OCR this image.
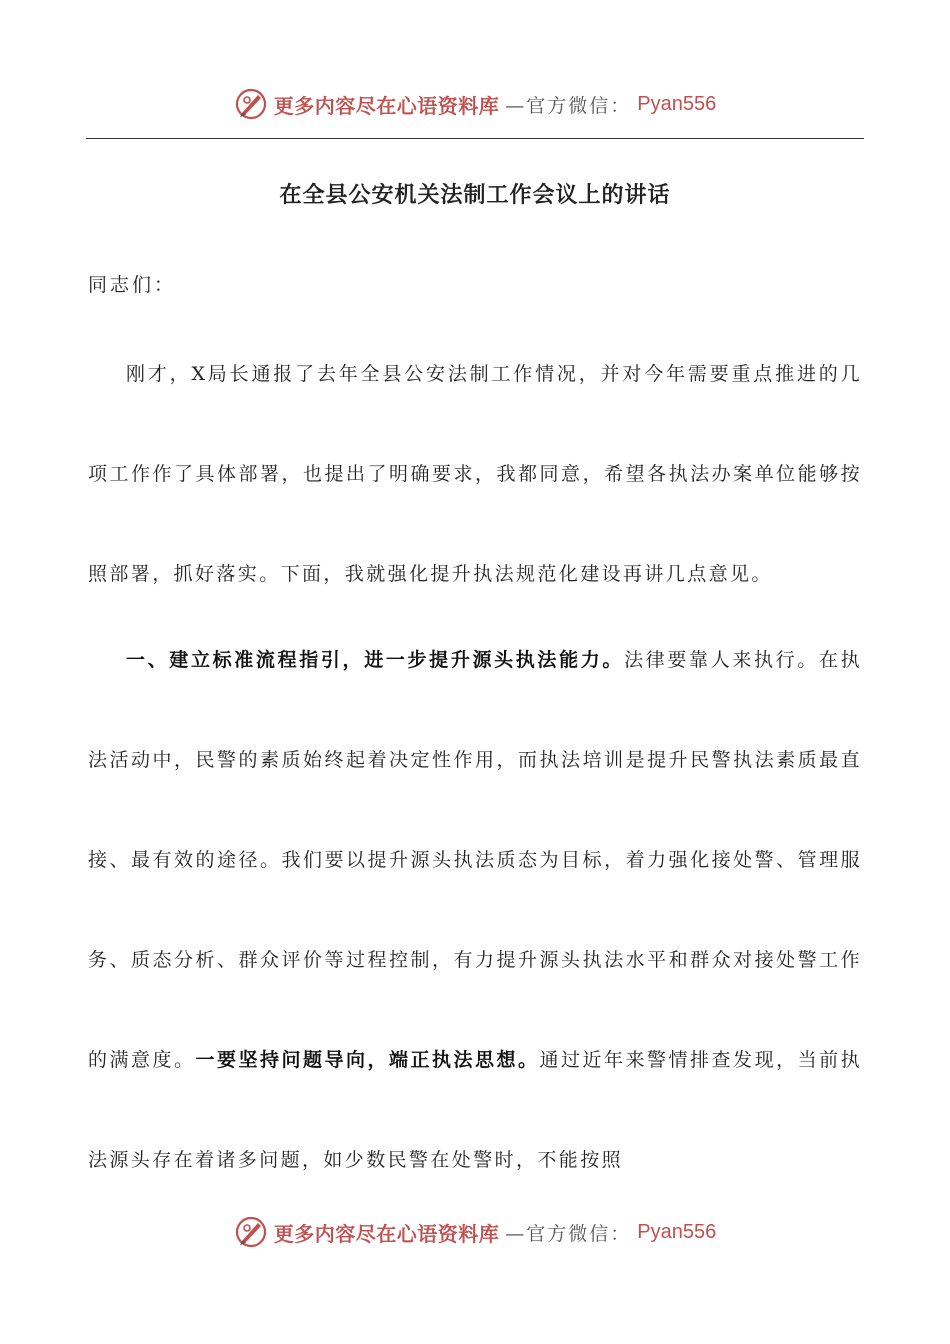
更多内容尽在心语资料库 —官方微信： Pyan556
在全县公安机关法制工作会议上的讲话

同志们：

刚才，X局长通报了去年全县公安法制工作情况，并对今年需要重点推进的几项工作作了具体部署，也提出了明确要求，我都同意，希望各执法办案单位能够按照部署，抓好落实。下面，我就强化提升执法规范化建设再讲几点意见。

一、建立标准流程指引，进一步提升源头执法能力。法律要靠人来执行。在执法活动中，民警的素质始终起着决定性作用，而执法培训是提升民警执法素质最直接、最有效的途径。我们要以提升源头执法质态为目标，着力强化接处警、管理服务、质态分析、群众评价等过程控制，有力提升源头执法水平和群众对接处警工作的满意度。一要坚持问题导向，端正执法思想。通过近年来警情排查发现，当前执法源头存在着诸多问题，如少数民警在处警时，不能按照

更多内容尽在心语资料库 —官方微信： Pyan556
